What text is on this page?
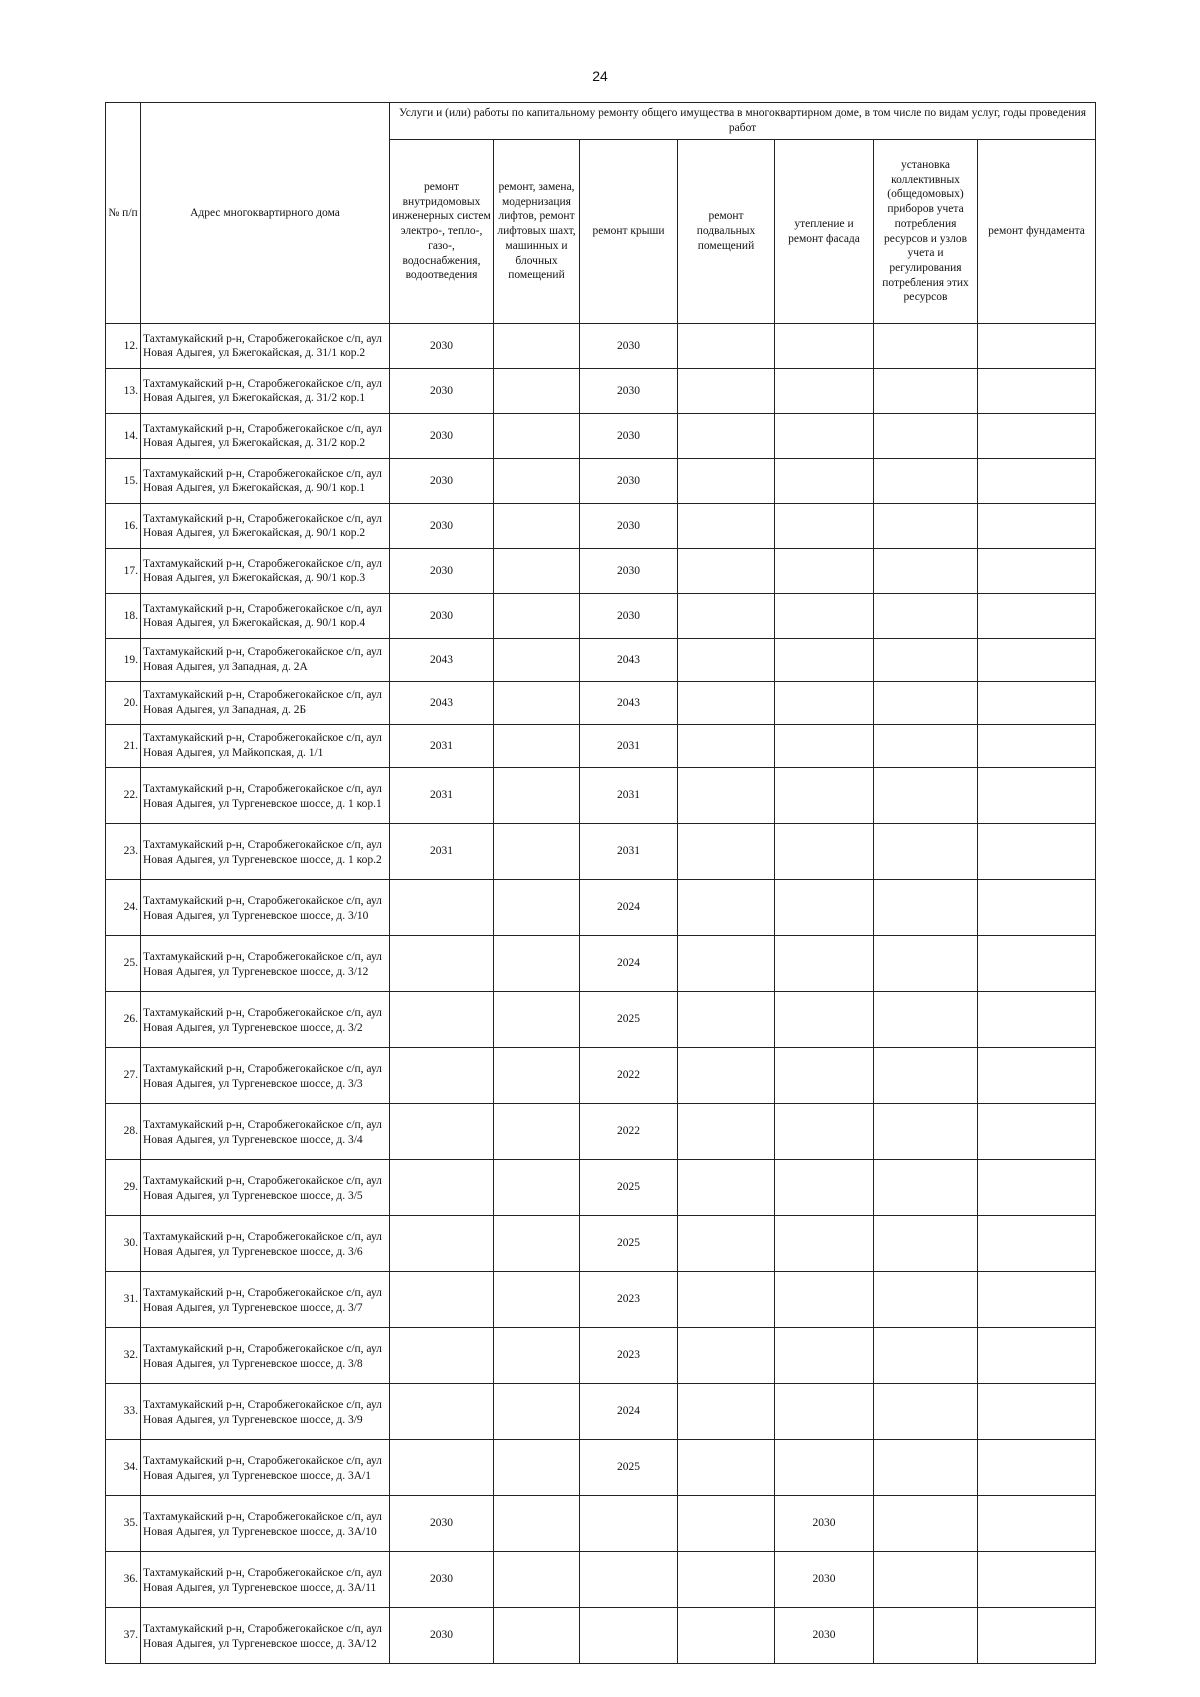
24
№ п/п	Адрес многоквартирного дома	Услуги и (или) работы по капитальному ремонту общего имущества в многоквартирном доме, в том числе по видам услуг, годы проведения работ						
		ремонт внутридомовых инженерных систем электро-, тепло-, газо-, водоснабжения, водоотведения	ремонт, замена, модернизация лифтов, ремонт лифтовых шахт, машинных и блочных помещений	ремонт крыши	ремонт подвальных помещений	утепление и ремонт фасада	установка коллективных (общедомовых) приборов учета потребления ресурсов и узлов учета и регулирования потребления этих ресурсов	ремонт фундамента
12.	Тахтамукайский р-н, Старобжегокайское с/п, аул Новая Адыгея, ул Бжегокайская, д. 31/1 кор.2	2030		2030				
13.	Тахтамукайский р-н, Старобжегокайское с/п, аул Новая Адыгея, ул Бжегокайская, д. 31/2 кор.1	2030		2030				
14.	Тахтамукайский р-н, Старобжегокайское с/п, аул Новая Адыгея, ул Бжегокайская, д. 31/2 кор.2	2030		2030				
15.	Тахтамукайский р-н, Старобжегокайское с/п, аул Новая Адыгея, ул Бжегокайская, д. 90/1 кор.1	2030		2030				
16.	Тахтамукайский р-н, Старобжегокайское с/п, аул Новая Адыгея, ул Бжегокайская, д. 90/1 кор.2	2030		2030				
17.	Тахтамукайский р-н, Старобжегокайское с/п, аул Новая Адыгея, ул Бжегокайская, д. 90/1 кор.3	2030		2030				
18.	Тахтамукайский р-н, Старобжегокайское с/п, аул Новая Адыгея, ул Бжегокайская, д. 90/1 кор.4	2030		2030				
19.	Тахтамукайский р-н, Старобжегокайское с/п, аул Новая Адыгея, ул Западная, д. 2А	2043		2043				
20.	Тахтамукайский р-н, Старобжегокайское с/п, аул Новая Адыгея, ул Западная, д. 2Б	2043		2043				
21.	Тахтамукайский р-н, Старобжегокайское с/п, аул Новая Адыгея, ул Майкопская, д. 1/1	2031		2031				
22.	Тахтамукайский р-н, Старобжегокайское с/п, аул Новая Адыгея, ул Тургеневское шоссе, д. 1 кор.1	2031		2031				
23.	Тахтамукайский р-н, Старобжегокайское с/п, аул Новая Адыгея, ул Тургеневское шоссе, д. 1 кор.2	2031		2031				
24.	Тахтамукайский р-н, Старобжегокайское с/п, аул Новая Адыгея, ул Тургеневское шоссе, д. 3/10			2024				
25.	Тахтамукайский р-н, Старобжегокайское с/п, аул Новая Адыгея, ул Тургеневское шоссе, д. 3/12			2024				
26.	Тахтамукайский р-н, Старобжегокайское с/п, аул Новая Адыгея, ул Тургеневское шоссе, д. 3/2			2025				
27.	Тахтамукайский р-н, Старобжегокайское с/п, аул Новая Адыгея, ул Тургеневское шоссе, д. 3/3			2022				
28.	Тахтамукайский р-н, Старобжегокайское с/п, аул Новая Адыгея, ул Тургеневское шоссе, д. 3/4			2022				
29.	Тахтамукайский р-н, Старобжегокайское с/п, аул Новая Адыгея, ул Тургеневское шоссе, д. 3/5			2025				
30.	Тахтамукайский р-н, Старобжегокайское с/п, аул Новая Адыгея, ул Тургеневское шоссе, д. 3/6			2025				
31.	Тахтамукайский р-н, Старобжегокайское с/п, аул Новая Адыгея, ул Тургеневское шоссе, д. 3/7			2023				
32.	Тахтамукайский р-н, Старобжегокайское с/п, аул Новая Адыгея, ул Тургеневское шоссе, д. 3/8			2023				
33.	Тахтамукайский р-н, Старобжегокайское с/п, аул Новая Адыгея, ул Тургеневское шоссе, д. 3/9			2024				
34.	Тахтамукайский р-н, Старобжегокайское с/п, аул Новая Адыгея, ул Тургеневское шоссе, д. 3А/1			2025				
35.	Тахтамукайский р-н, Старобжегокайское с/п, аул Новая Адыгея, ул Тургеневское шоссе, д. 3А/10	2030				2030		
36.	Тахтамукайский р-н, Старобжегокайское с/п, аул Новая Адыгея, ул Тургеневское шоссе, д. 3А/11	2030				2030		
37.	Тахтамукайский р-н, Старобжегокайское с/п, аул Новая Адыгея, ул Тургеневское шоссе, д. 3А/12	2030				2030		
